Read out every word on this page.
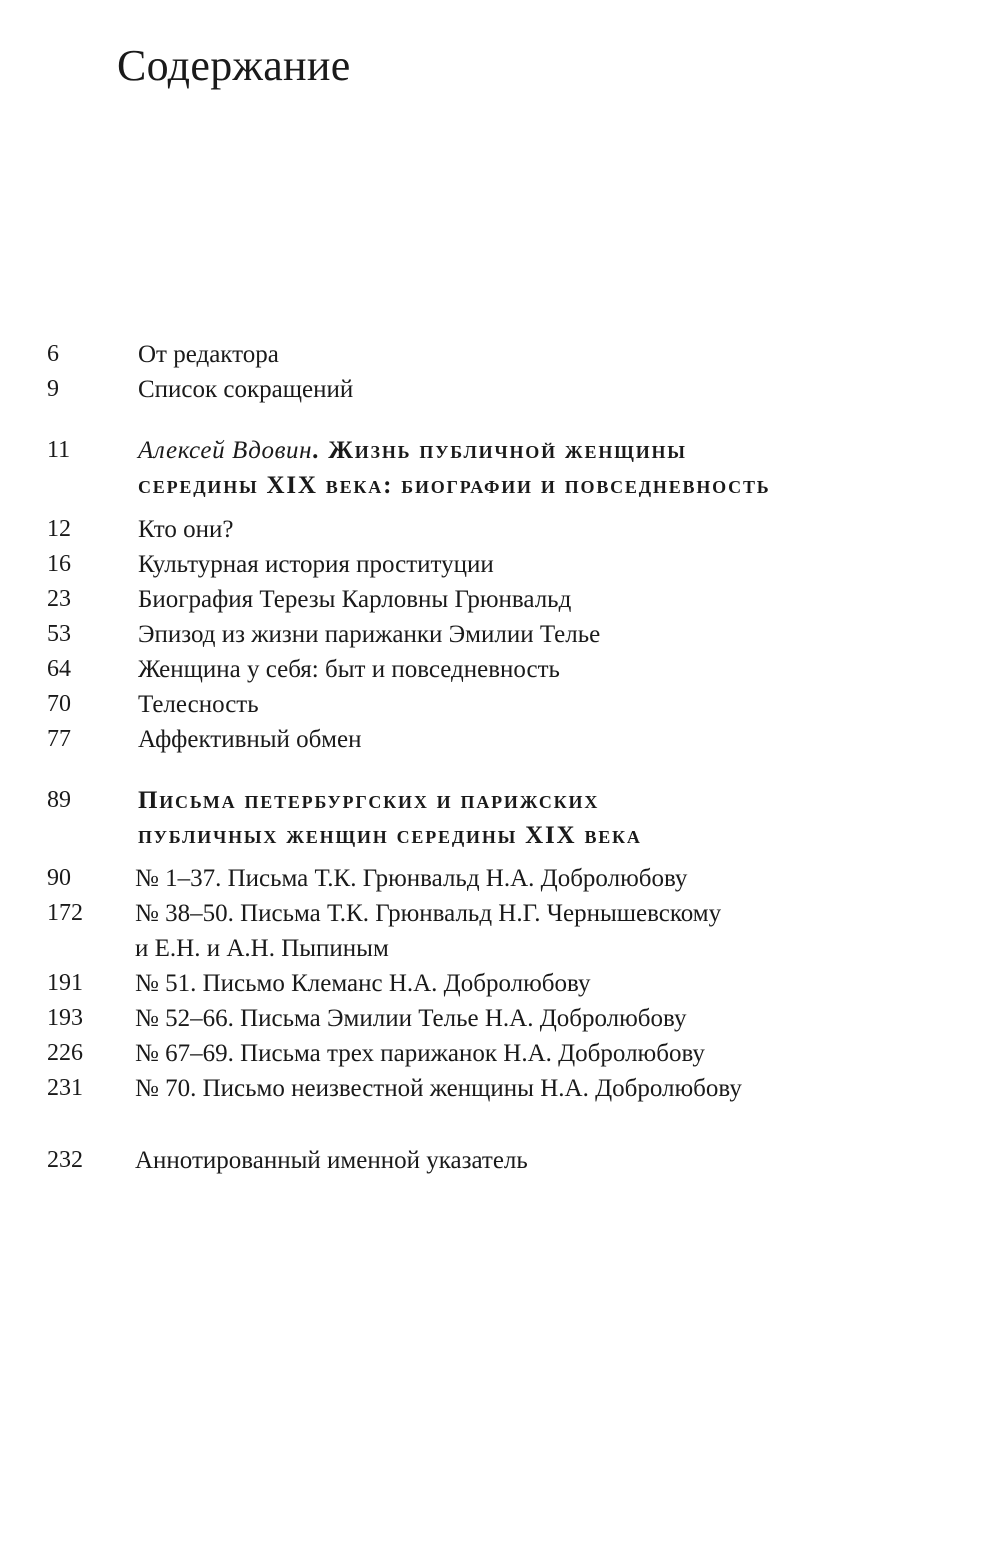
Содержание
6	От редактора
9	Список сокращений
11	Алексей Вдовин. Жизнь публичной женщины
середины XIX века: биографии и повседневность
12	Кто они?
16	Культурная история проституции
23	Биография Терезы Карловны Грюнвальд
53	Эпизод из жизни парижанки Эмилии Телье
64	Женщина у себя: быт и повседневность
70	Телесность
77	Аффективный обмен
89	Письма петербургских и парижских
публичных женщин середины XIX века
90	№ 1–37. Письма Т.К. Грюнвальд Н.А. Добролюбову
172 № 38–50. Письма Т.К. Грюнвальд Н.Г. Чернышевскому
и Е.Н. и А.Н. Пыпиным
191 № 51. Письмо Клеманс Н.А. Добролюбову
193 № 52–66. Письма Эмилии Телье Н.А. Добролюбову
226 № 67–69. Письма трех парижанок Н.А. Добролюбову
231 № 70. Письмо неизвестной женщины Н.А. Добролюбову
232 Аннотированный именной указатель
